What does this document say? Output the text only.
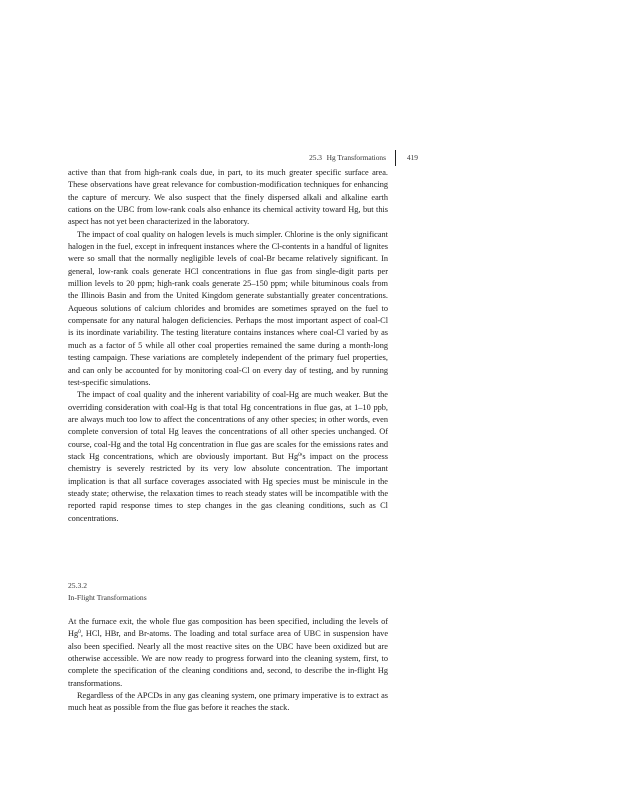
25.3 Hg Transformations	419

active than that from high-rank coals due, in part, to its much greater specific surface area. These observations have great relevance for combustion-modification techniques for enhancing the capture of mercury. We also suspect that the finely dispersed alkali and alkaline earth cations on the UBC from low-rank coals also enhance its chemical activity toward Hg, but this aspect has not yet been characterized in the laboratory.

The impact of coal quality on halogen levels is much simpler. Chlorine is the only significant halogen in the fuel, except in infrequent instances where the Cl-contents in a handful of lignites were so small that the normally negligible levels of coal-Br became relatively significant. In general, low-rank coals generate HCl concentrations in flue gas from single-digit parts per million levels to 20 ppm; high-rank coals generate 25–150 ppm; while bituminous coals from the Illinois Basin and from the United Kingdom generate substantially greater concentrations. Aqueous solutions of calcium chlorides and bromides are sometimes sprayed on the fuel to compensate for any natural halogen deficiencies. Perhaps the most important aspect of coal-Cl is its inordinate variability. The testing literature contains instances where coal-Cl varied by as much as a factor of 5 while all other coal properties remained the same during a month-long testing campaign. These variations are completely independent of the primary fuel properties, and can only be accounted for by monitoring coal-Cl on every day of testing, and by running test-specific simulations.

The impact of coal quality and the inherent variability of coal-Hg are much weaker. But the overriding consideration with coal-Hg is that total Hg concentrations in flue gas, at 1–10 ppb, are always much too low to affect the concentrations of any other species; in other words, even complete conversion of total Hg leaves the concentrations of all other species unchanged. Of course, coal-Hg and the total Hg concentration in flue gas are scales for the emissions rates and stack Hg concentrations, which are obviously important. But Hg$^0$'s impact on the process chemistry is severely restricted by its very low absolute concentration. The important implication is that all surface coverages associated with Hg species must be miniscule in the steady state; otherwise, the relaxation times to reach steady states will be incompatible with the reported rapid response times to step changes in the gas cleaning conditions, such as Cl concentrations.

25.3.2
In-Flight Transformations

At the furnace exit, the whole flue gas composition has been specified, including the levels of Hg$^0$, HCl, HBr, and Br-atoms. The loading and total surface area of UBC in suspension have also been specified. Nearly all the most reactive sites on the UBC have been oxidized but are otherwise accessible. We are now ready to progress forward into the cleaning system, first, to complete the specification of the cleaning conditions and, second, to describe the in-flight Hg transformations.

Regardless of the APCDs in any gas cleaning system, one primary imperative is to extract as much heat as possible from the flue gas before it reaches the stack.
